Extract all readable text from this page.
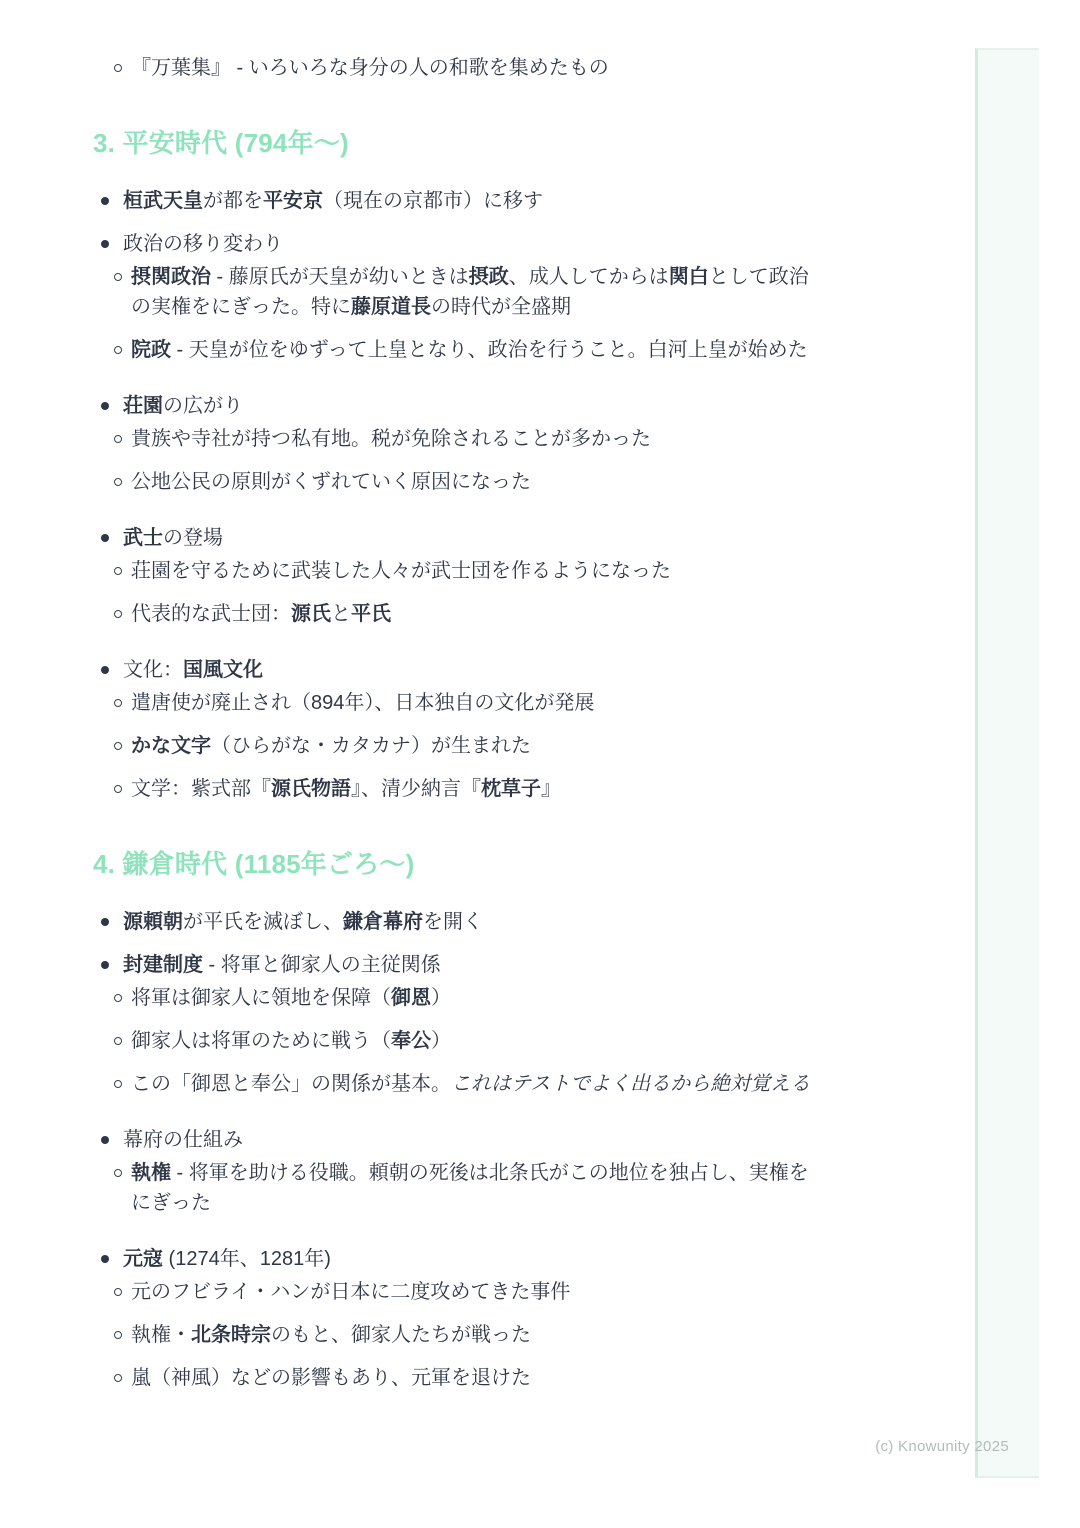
『万葉集』 - いろいろな身分の人の和歌を集めたもの
3. 平安時代 (794年〜)
桓武天皇が都を平安京（現在の京都市）に移す
政治の移り変わり
摂関政治 - 藤原氏が天皇が幼いときは摂政、成人してからは関白として政治の実権をにぎった。特に藤原道長の時代が全盛期
院政 - 天皇が位をゆずって上皇となり、政治を行うこと。白河上皇が始めた
荘園の広がり
貴族や寺社が持つ私有地。税が免除されることが多かった
公地公民の原則がくずれていく原因になった
武士の登場
荘園を守るために武装した人々が武士団を作るようになった
代表的な武士団：源氏と平氏
文化：国風文化
遣唐使が廃止され（894年）、日本独自の文化が発展
かな文字（ひらがな・カタカナ）が生まれた
文学：紫式部『源氏物語』、清少納言『枕草子』
4. 鎌倉時代 (1185年ごろ〜)
源頼朝が平氏を滅ぼし、鎌倉幕府を開く
封建制度 - 将軍と御家人の主従関係
将軍は御家人に領地を保障（御恩）
御家人は将軍のために戦う（奉公）
この「御恩と奉公」の関係が基本。これはテストでよく出るから絶対覚える
幕府の仕組み
執権 - 将軍を助ける役職。頼朝の死後は北条氏がこの地位を独占し、実権をにぎった
元寇 (1274年、1281年)
元のフビライ・ハンが日本に二度攻めてきた事件
執権・北条時宗のもと、御家人たちが戦った
嵐（神風）などの影響もあり、元軍を退けた
(c) Knowunity 2025
